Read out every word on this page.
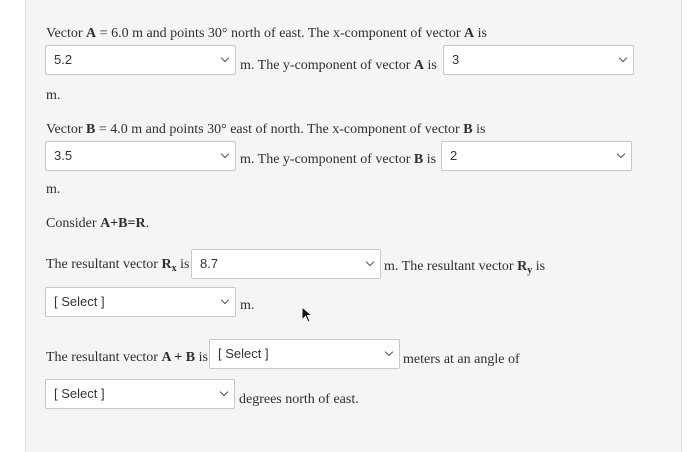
Vector A = 6.0 m and points 30° north of east. The x-component of vector A is
5.2	m. The y-component of vector A is 3
m.
Vector B = 4.0 m and points 30° east of north. The x-component of vector B is
3.5	m. The y-component of vector B is 2
m.
Consider A+B=R.
The resultant vector $R_x$ is 8.7	m. The resultant vector $R_y$ is
[ Select ]	m.
The resultant vector A + B is [ Select ]	meters at an angle of
[ Select ]	degrees north of east.
